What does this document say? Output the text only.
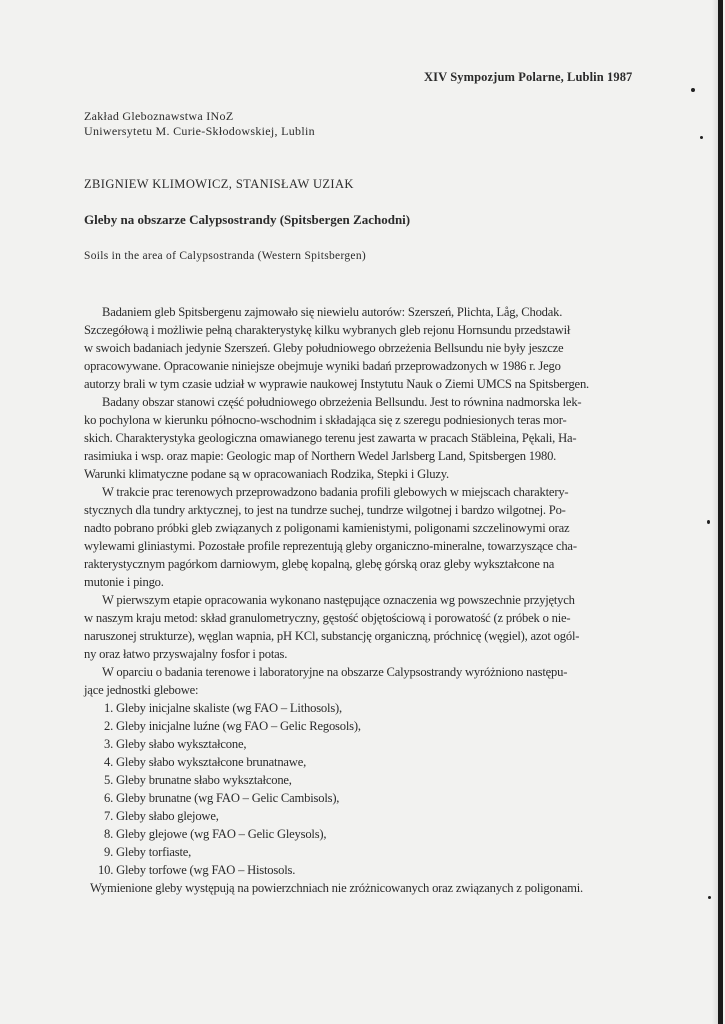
XIV Sympozjum Polarne, Lublin 1987
Zakład Gleboznawstwa INoZ
Uniwersytetu M. Curie-Skłodowskiej, Lublin
ZBIGNIEW KLIMOWICZ, STANISŁAW UZIAK
Gleby na obszarze Calypsostrandy (Spitsbergen Zachodni)
Soils in the area of Calypsostranda (Western Spitsbergen)
Badaniem gleb Spitsbergenu zajmowało się niewielu autorów: Szerszeń, Plichta, Låg, Chodak.
Szczegółową i możliwie pełną charakterystykę kilku wybranych gleb rejonu Hornsundu przedstawił
w swoich badaniach jedynie Szerszeń. Gleby południowego obrzeżenia Bellsundu nie były jeszcze
opracowywane. Opracowanie niniejsze obejmuje wyniki badań przeprowadzonych w 1986 r. Jego
autorzy brali w tym czasie udział w wyprawie naukowej Instytutu Nauk o Ziemi UMCS na Spitsbergen.
Badany obszar stanowi część południowego obrzeżenia Bellsundu. Jest to równina nadmorska lek-
ko pochylona w kierunku północno-wschodnim i składająca się z szeregu podniesionych teras mor-
skich. Charakterystyka geologiczna omawianego terenu jest zawarta w pracach Stäbleina, Pękali, Ha-
rasimiuka i wsp. oraz mapie: Geologic map of Northern Wedel Jarlsberg Land, Spitsbergen 1980.
Warunki klimatyczne podane są w opracowaniach Rodzika, Stepki i Gluzy.
W trakcie prac terenowych przeprowadzono badania profili glebowych w miejscach charaktery-
stycznych dla tundry arktycznej, to jest na tundrze suchej, tundrze wilgotnej i bardzo wilgotnej. Po-
nadto pobrano próbki gleb związanych z poligonami kamienistymi, poligonami szczelinowymi oraz
wylewami gliniastymi. Pozostałe profile reprezentują gleby organiczno-mineralne, towarzyszące cha-
rakterystycznym pagórkom darniowym, glebę kopalną, glebę górską oraz gleby wykształcone na
mutonie i pingo.
W pierwszym etapie opracowania wykonano następujące oznaczenia wg powszechnie przyjętych
w naszym kraju metod: skład granulometryczny, gęstość objętościową i porowatość (z próbek o nie-
naruszonej strukturze), węglan wapnia, pH KCl, substancję organiczną, próchnicę (węgiel), azot ogól-
ny oraz łatwo przyswajalny fosfor i potas.
W oparciu o badania terenowe i laboratoryjne na obszarze Calypsostrandy wyróżniono następu-
jące jednostki glebowe:
1. Gleby inicjalne skaliste (wg FAO – Lithosols),
2. Gleby inicjalne luźne (wg FAO – Gelic Regosols),
3. Gleby słabo wykształcone,
4. Gleby słabo wykształcone brunatnawe,
5. Gleby brunatne słabo wykształcone,
6. Gleby brunatne (wg FAO – Gelic Cambisols),
7. Gleby słabo glejowe,
8. Gleby glejowe (wg FAO – Gelic Gleysols),
9. Gleby torfiaste,
10. Gleby torfowe (wg FAO – Histosols.
Wymienione gleby występują na powierzchniach nie zróżnicowanych oraz związanych z poligonami.
